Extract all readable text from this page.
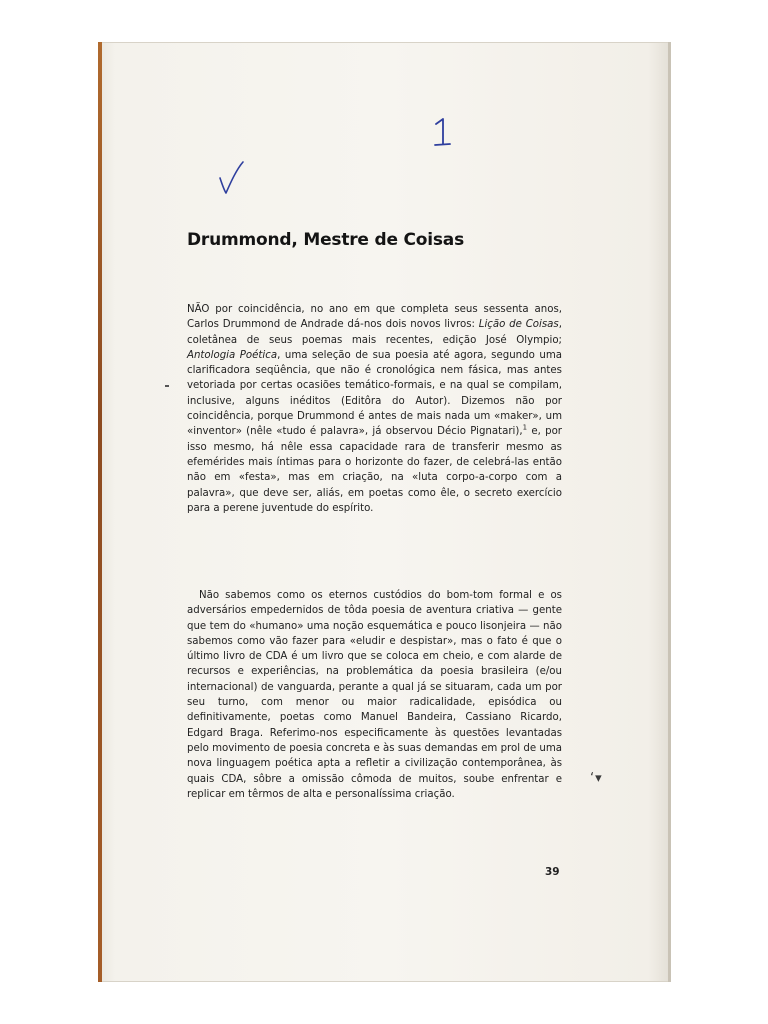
‘▾
Drummond, Mestre de Coisas

NÃO por coincidência, no ano em que completa seus sessenta anos, Carlos Drummond de Andrade dá-nos dois novos livros: Lição de Coisas, coletânea de seus poemas mais recentes, edição José Olympio; Antologia Poética, uma seleção de sua poesia até agora, segundo uma clarificadora seqüência, que não é cronológica nem fásica, mas antes vetoriada por certas ocasiões temático-formais, e na qual se compilam, inclusive, alguns inéditos (Editôra do Autor). Dizemos não por coincidência, porque Drummond é antes de mais nada um «maker», um «inventor» (nêle «tudo é palavra», já observou Décio Pignatari),$^1$ e, por isso mesmo, há nêle essa capacidade rara de transferir mesmo as efemérides mais íntimas para o horizonte do fazer, de celebrá-las então não em «festa», mas em criação, na «luta corpo-a-corpo com a palavra», que deve ser, aliás, em poetas como êle, o secreto exercício para a perene juventude do espírito.

Não sabemos como os eternos custódios do bom-tom formal e os adversários empedernidos de tôda poesia de aventura criativa — gente que tem do «humano» uma noção esquemática e pouco lisonjeira — não sabemos como vão fazer para «eludir e despistar», mas o fato é que o último livro de CDA é um livro que se coloca em cheio, e com alarde de recursos e experiências, na problemática da poesia brasileira (e/ou internacional) de vanguarda, perante a qual já se situaram, cada um por seu turno, com menor ou maior radicalidade, episódica ou definitivamente, poetas como Manuel Bandeira, Cassiano Ricardo, Edgard Braga. Referimo-nos especificamente às questões levantadas pelo movimento de poesia concreta e às suas demandas em prol de uma nova linguagem poética apta a refletir a civilização contemporânea, às quais CDA, sôbre a omissão cômoda de muitos, soube enfrentar e replicar em têrmos de alta e personalíssima criação.

39
